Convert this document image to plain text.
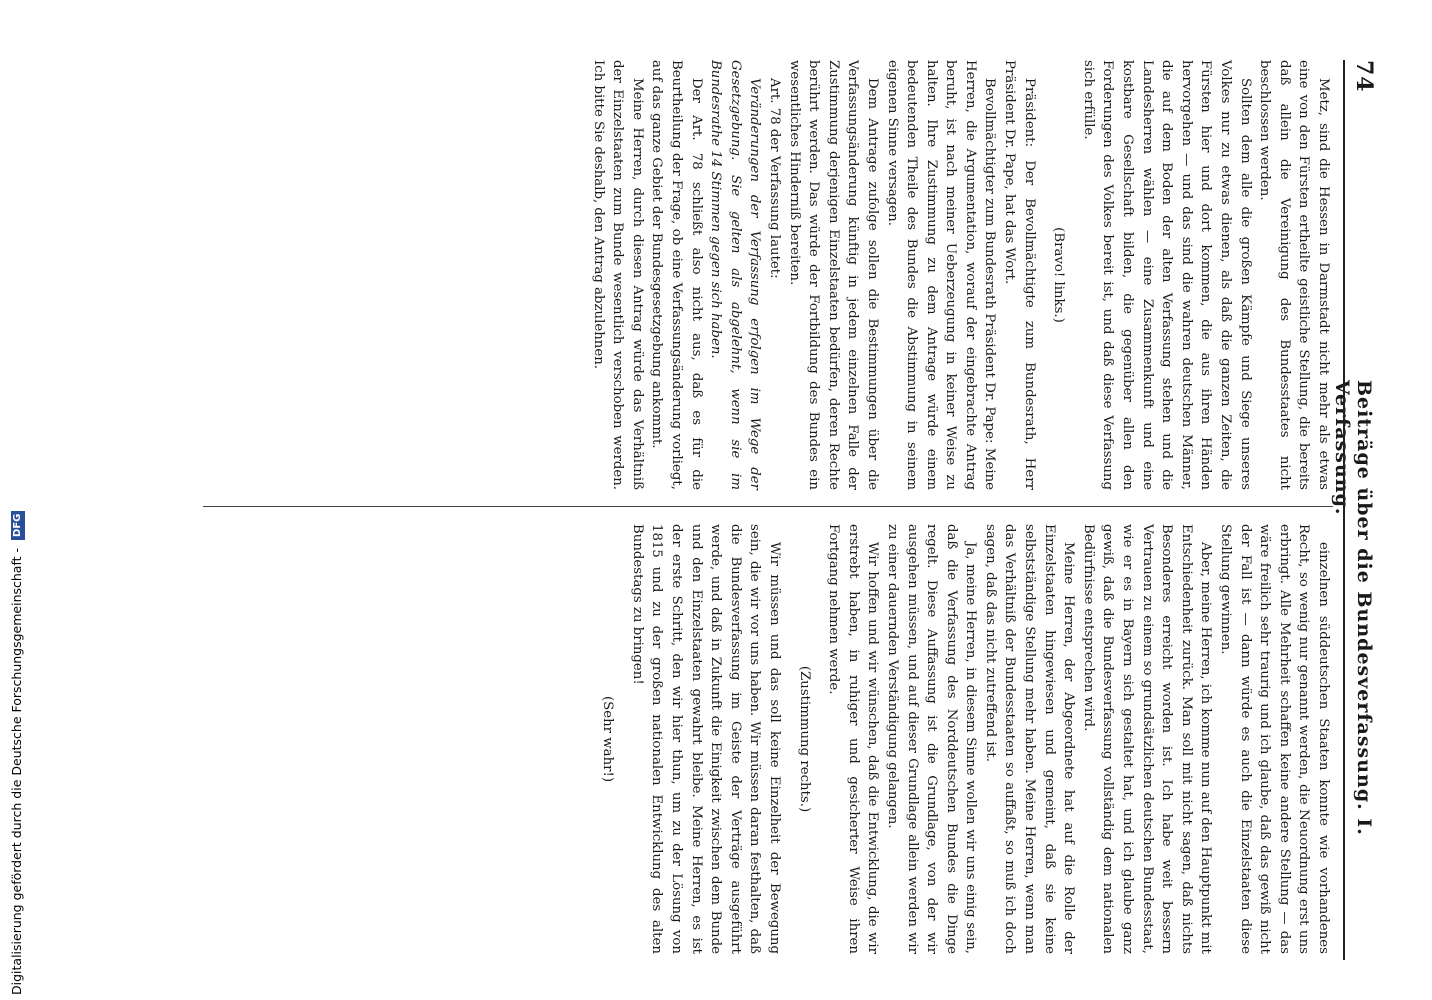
74
Beiträge über die Bundesverfassung. I. Verfassung.

Metz, sind die Hessen in Darmstadt nicht mehr als etwas eine von den Fürsten ertheilte geistliche Stellung, die bereits daß allein die Vereinigung des Bundesstaates nicht beschlossen werden.

Sollten dem alle die großen Kämpfe und Siege unseres Volkes nur zu etwas dienen, als daß die ganzen Zeiten, die Fürsten hier und dort kommen, die aus ihren Händen hervorgehen — und das sind die wahren deutschen Männer, die auf dem Boden der alten Verfassung stehen und die Landesherren wählen — eine Zusammenkunft und eine kostbare Gesellschaft bilden, die gegenüber allen den Forderungen des Volkes bereit ist, und daß diese Verfassung sich erfülle.

(Bravo! links.)

Präsident: Der Bevollmächtigte zum Bundesrath, Herr Präsident Dr. Pape, hat das Wort.

Bevollmächtigter zum Bundesrath Präsident Dr. Pape: Meine Herren, die Argumentation, worauf der eingebrachte Antrag beruht, ist nach meiner Ueberzeugung in keiner Weise zu halten. Ihre Zustimmung zu dem Antrage würde einem bedeutenden Theile des Bundes die Abstimmung in seinem eigenen Sinne versagen.

Dem Antrage zufolge sollen die Bestimmungen über die Verfassungsänderung künftig in jedem einzelnen Falle der Zustimmung derjenigen Einzelstaaten bedürfen, deren Rechte berührt werden. Das würde der Fortbildung des Bundes ein wesentliches Hinderniß bereiten.

Art. 78 der Verfassung lautet:

Veränderungen der Verfassung erfolgen im Wege der Gesetzgebung. Sie gelten als abgelehnt, wenn sie im Bundesrathe 14 Stimmen gegen sich haben.

Der Art. 78 schließt also nicht aus, daß es für die Beurtheilung der Frage, ob eine Verfassungsänderung vorliegt, auf das ganze Gebiet der Bundesgesetzgebung ankommt.

Meine Herren, durch diesen Antrag würde das Verhältniß der Einzelstaaten zum Bunde wesentlich verschoben werden. Ich bitte Sie deshalb, den Antrag abzulehnen.

einzelnen süddeutschen Staaten konnte wie vorhandenes Recht, so wenig nur genannt werden, die Neuordnung erst uns erbringt. Alle Mehrheit schaffen keine andere Stellung — das wäre freilich sehr traurig und ich glaube, daß das gewiß nicht der Fall ist — dann würde es auch die Einzelstaaten diese Stellung gewinnen.

Aber, meine Herren, ich komme nun auf den Hauptpunkt mit Entschiedenheit zurück. Man soll mit nicht sagen, daß nichts Besonderes erreicht worden ist. Ich habe weit bessern Vertrauen zu einem so grundsätzlichen deutschen Bundesstaat, wie er es in Bayern sich gestaltet hat, und ich glaube ganz gewiß, daß die Bundesverfassung vollständig dem nationalen Bedürfnisse entsprechen wird.

Meine Herren, der Abgeordnete hat auf die Rolle der Einzelstaaten hingewiesen und gemeint, daß sie keine selbstständige Stellung mehr haben. Meine Herren, wenn man das Verhältniß der Bundesstaaten so auffaßt, so muß ich doch sagen, daß das nicht zutreffend ist.

Ja, meine Herren, in diesem Sinne wollen wir uns einig sein, daß die Verfassung des Norddeutschen Bundes die Dinge regelt. Diese Auffassung ist die Grundlage, von der wir ausgehen müssen, und auf dieser Grundlage allein werden wir zu einer dauernden Verständigung gelangen.

Wir hoffen und wir wünschen, daß die Entwicklung, die wir erstrebt haben, in ruhiger und gesicherter Weise ihren Fortgang nehmen werde.

(Zustimmung rechts.)

Wir müssen und das soll keine Einzelheit der Bewegung sein, die wir vor uns haben. Wir müssen daran festhalten, daß die Bundesverfassung im Geiste der Verträge ausgeführt werde, und daß in Zukunft die Einigkeit zwischen dem Bunde und den Einzelstaaten gewahrt bleibe. Meine Herren, es ist der erste Schritt, den wir hier thun, um zu der Lösung von 1815 und zu der großen nationalen Entwicklung des alten Bundestags zu bringen!

(Sehr wahr!)

Digitalisierung gefördert durch die Deutsche Forschungsgemeinschaft - DFG
